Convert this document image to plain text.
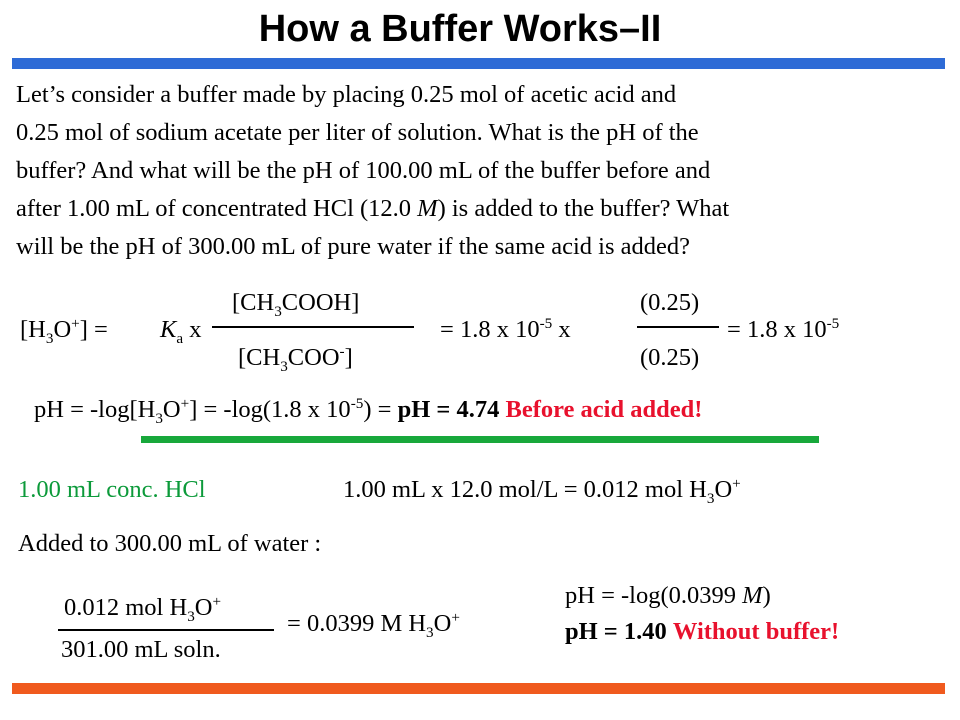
How a Buffer Works–II
Let’s consider a buffer made by placing 0.25 mol of acetic acid and
0.25 mol of sodium acetate per liter of solution. What is the pH of the
buffer? And what will be the pH of 100.00 mL of the buffer before and
after 1.00 mL of concentrated HCl (12.0 M) is added to the buffer? What
will be the pH of 300.00 mL of pure water if the same acid is added?
$[H_3O^+] = K_a$ x
$[CH_3COOH]$
$[CH_3COO^-]$
= 1.8 x $10^{-5}$ x
(0.25)
(0.25)
= 1.8 x $10^{-5}$
pH = $-\log[H_3O^+] = -\log(1.8$ x $10^{-5}$) = pH = 4.74 Before acid added!
1.00 mL conc. HCl	1.00 mL x 12.0 mol/L = 0.012 mol $H_3O^+$
Added to 300.00 mL of water :
0.012 mol $H_3O^+$
301.00 mL soln.
= 0.0399 M $H_3O^+$
pH = -log(0.0399 M)
pH = 1.40 Without buffer!
